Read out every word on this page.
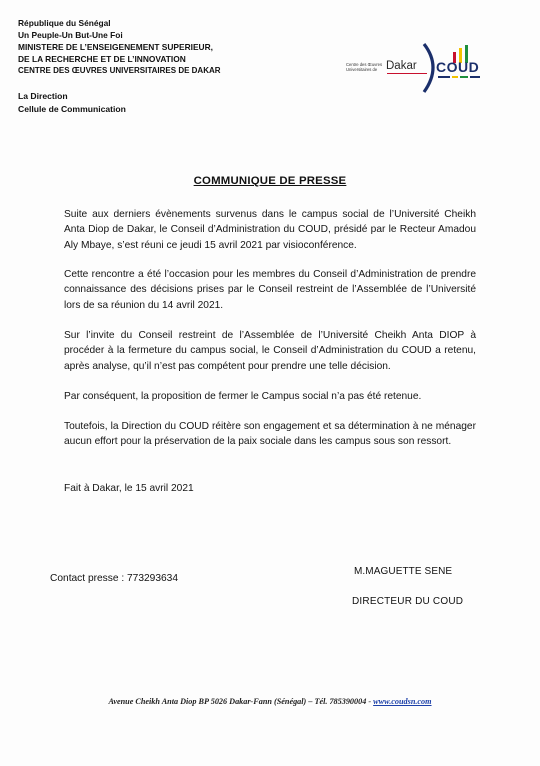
République du Sénégal
Un Peuple-Un But-Une Foi
MINISTERE DE L’ENSEIGENEMENT SUPERIEUR,
DE LA RECHERCHE ET DE L’INNOVATION
CENTRE DES ŒUVRES UNIVERSITAIRES DE DAKAR
La Direction
Cellule de Communication
Centre des Œuvres Universitaires de Dakar COUD
COMMUNIQUE DE PRESSE

Suite aux derniers évènements survenus dans le campus social de l’Université Cheikh Anta Diop de Dakar, le Conseil d’Administration du COUD, présidé par le Recteur Amadou Aly Mbaye, s’est réuni ce jeudi 15 avril 2021 par visioconférence.

Cette rencontre a été l’occasion pour les membres du Conseil d’Administration de prendre connaissance des décisions prises par le Conseil restreint de l’Assemblée de l’Université lors de sa réunion du 14 avril 2021.

Sur l’invite du Conseil restreint de l’Assemblée de l’Université Cheikh Anta DIOP à procéder à la fermeture du campus social, le Conseil d’Administration du COUD a retenu, après analyse, qu’il n’est pas compétent pour prendre une telle décision.

Par conséquent, la proposition de fermer le Campus social n’a pas été retenue.

Toutefois, la Direction du COUD réitère son engagement et sa détermination à ne ménager aucun effort pour la préservation de la paix sociale dans les campus sous son ressort.

Fait à Dakar, le 15 avril 2021

Contact presse : 773293634
M.MAGUETTE SENE
DIRECTEUR DU COUD
Avenue Cheikh Anta Diop BP 5026 Dakar-Fann (Sénégal) – Tél. 785390004 - www.coudsn.com
